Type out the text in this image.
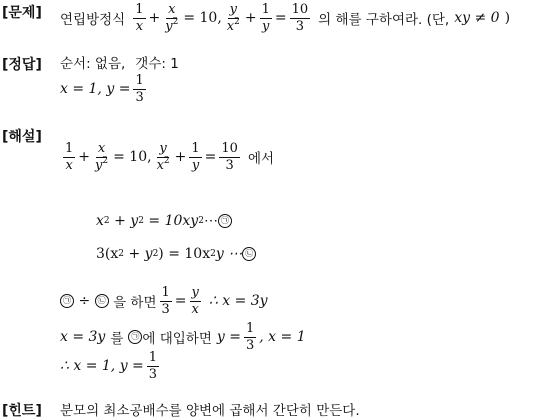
[문제] 연립방정식 $\frac{1}{x} + \frac{x}{y^2} = 10$, $\frac{y}{x^2} + \frac{1}{y} = \frac{10}{3}$ 의 해를 구하여라. (단, xy ≠ 0 )
[정답] 순서: 없음, 갯수: 1
x = 1, $y = \frac{1}{3}$
[해설]
$\frac{1}{x} + \frac{x}{y^2} = 10$, $\frac{y}{x^2} + \frac{1}{y} = \frac{10}{3}$ 에서
x 2 + y 2
= 10xy 2 ⋯ ㉠
3(x 2 + y 2 )
= 10x 2 y ⋯ ㉡
㉠
÷
㉡
을 하면 $\frac{1}{3} = \frac{y}{x}$ ∴ x = 3y
x = 3y 를	㉠ 에 대입하면 $y = \frac{1}{3}$ , x = 1
∴ x = 1, $y = \frac{1}{3}$
[힌트] 분모의 최소공배수를 양변에 곱해서 간단히 만든다.
